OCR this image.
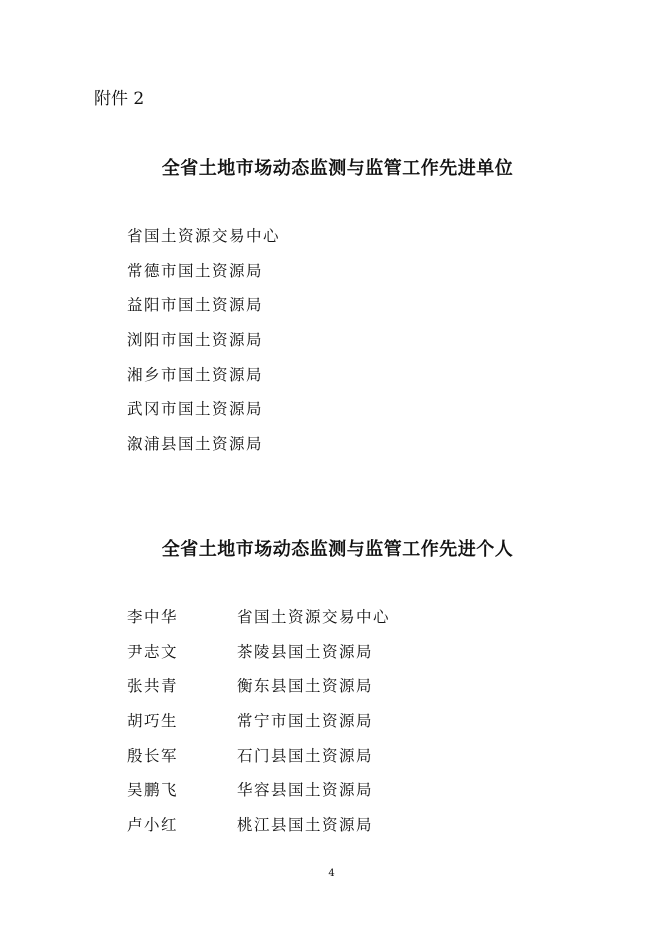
附件 2
全省土地市场动态监测与监管工作先进单位
省国土资源交易中心
常德市国土资源局
益阳市国土资源局
浏阳市国土资源局
湘乡市国土资源局
武冈市国土资源局
溆浦县国土资源局
全省土地市场动态监测与监管工作先进个人
李中华	省国土资源交易中心
尹志文	茶陵县国土资源局
张共青	衡东县国土资源局
胡巧生	常宁市国土资源局
殷长军	石门县国土资源局
吴鹏飞	华容县国土资源局
卢小红	桃江县国土资源局
4
